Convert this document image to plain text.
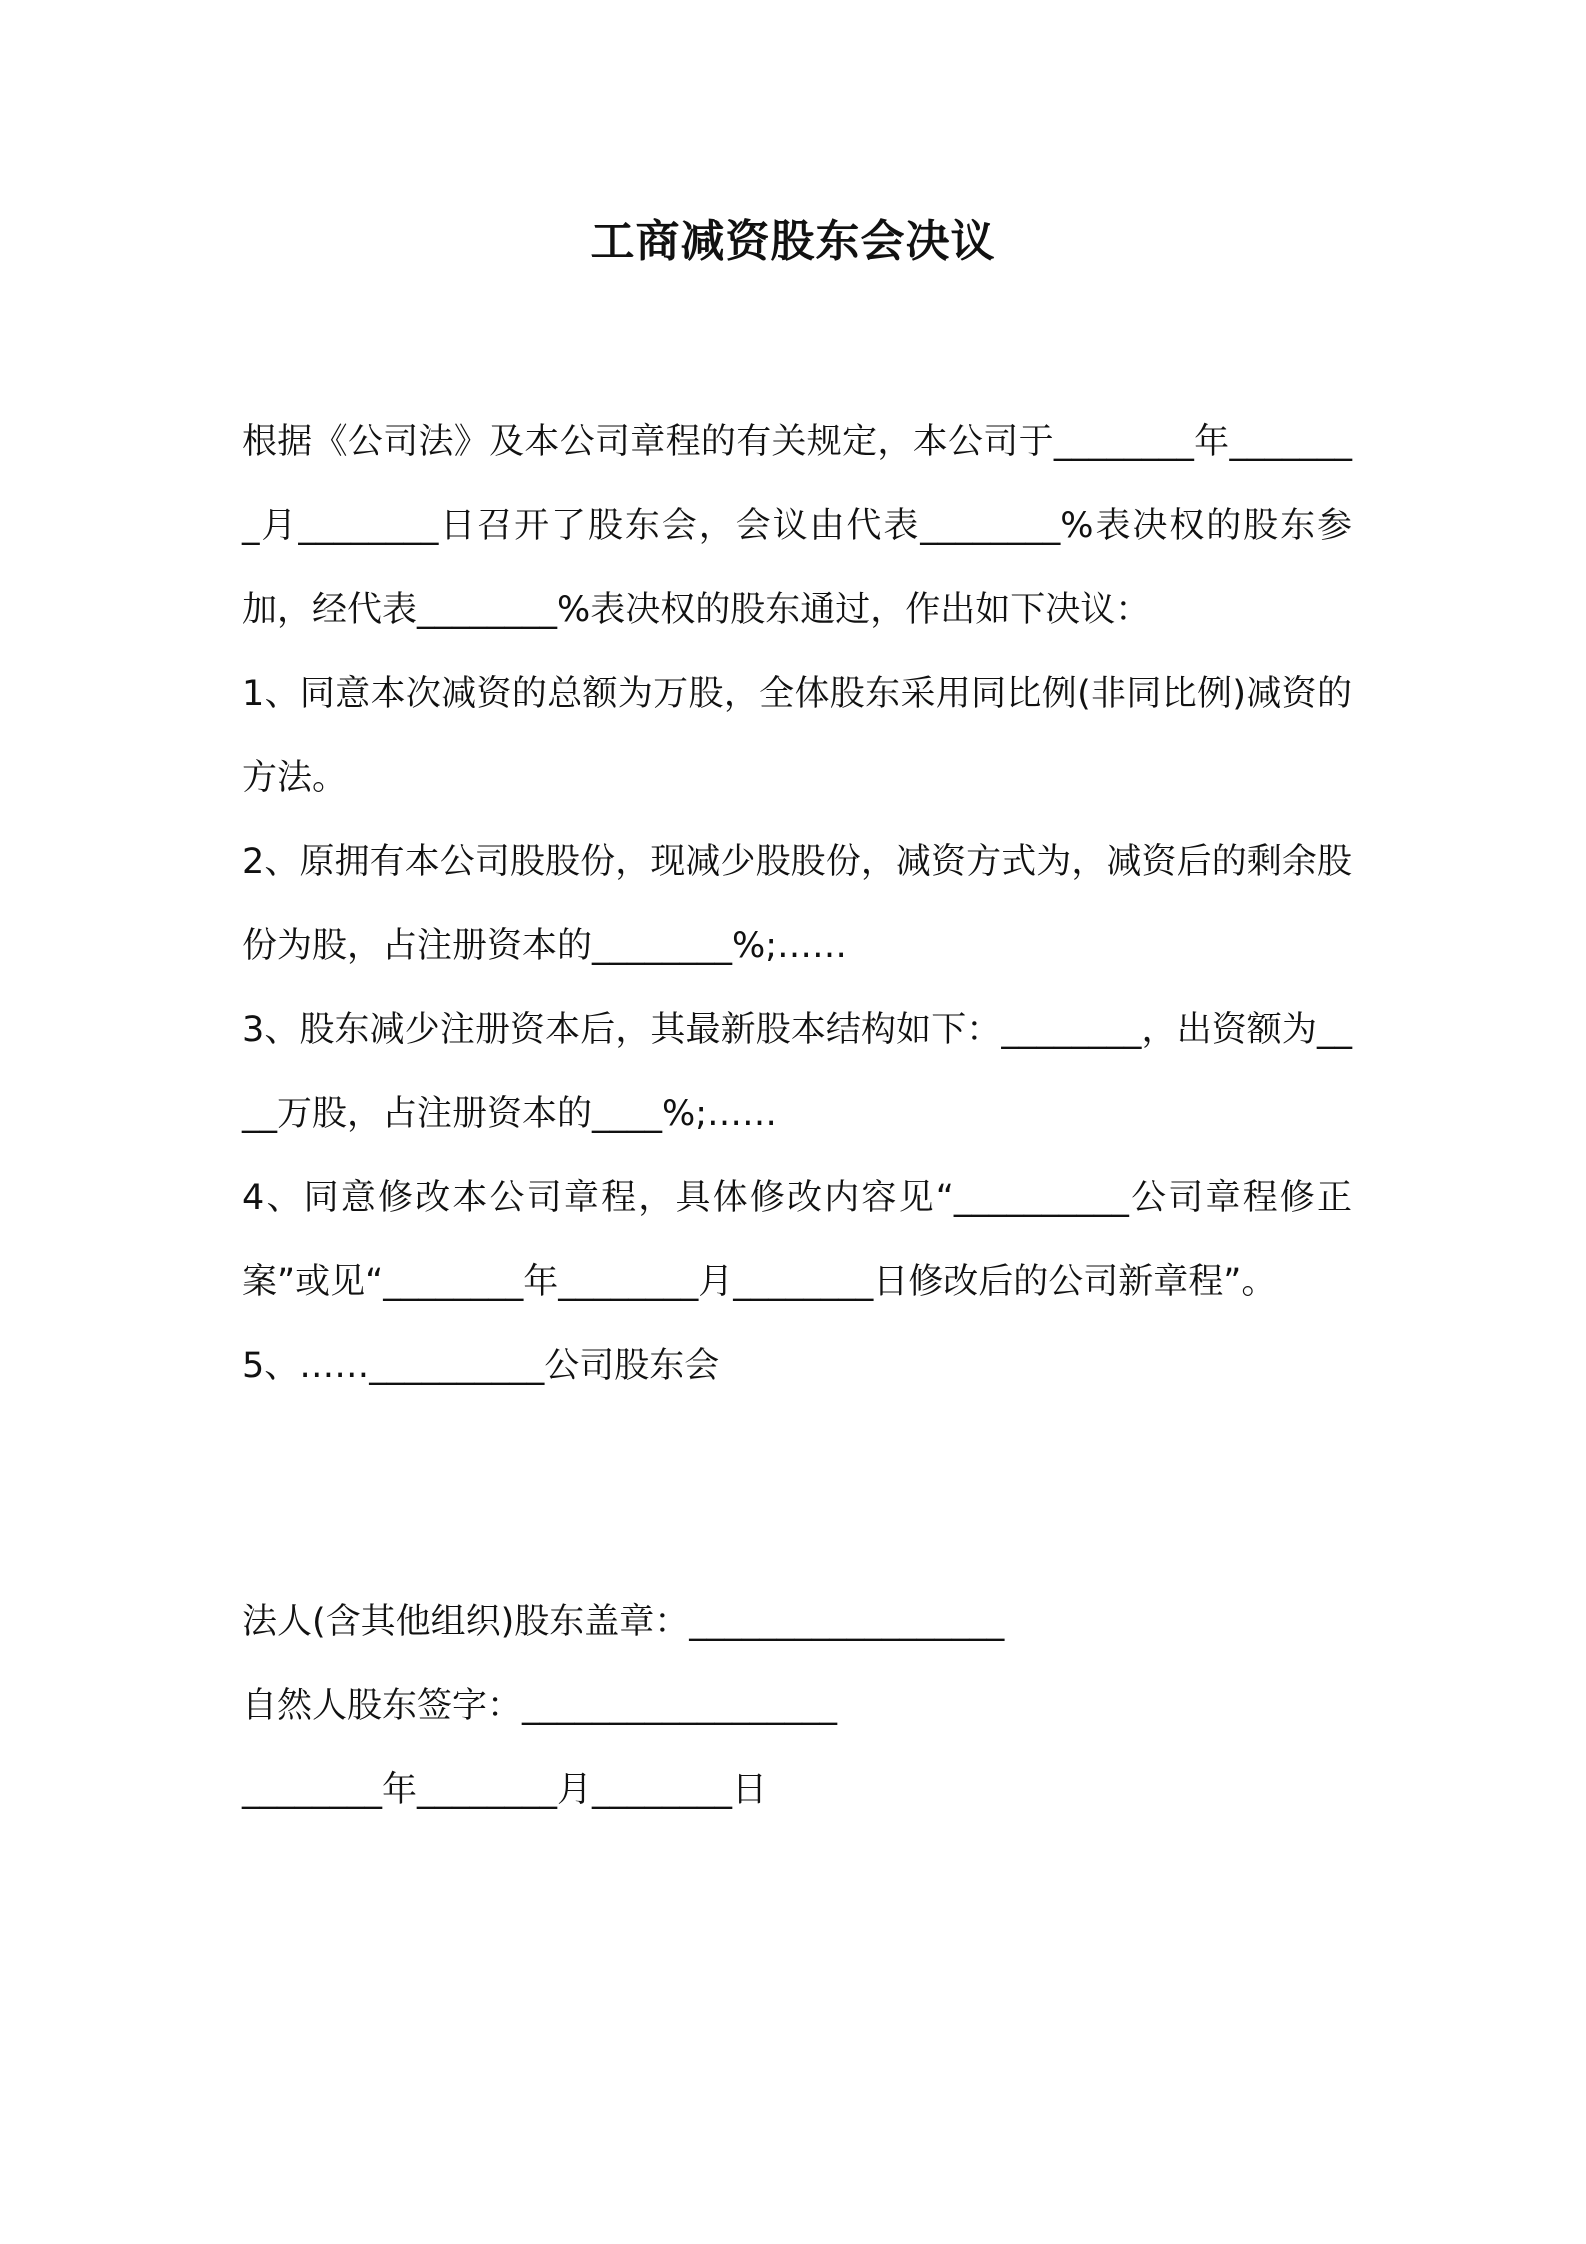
工商减资股东会决议

根据《公司法》及本公司章程的有关规定，本公司于________年________月________日召开了股东会，会议由代表________%表决权的股东参加，经代表________%表决权的股东通过，作出如下决议：

1、同意本次减资的总额为万股，全体股东采用同比例(非同比例)减资的方法。

2、原拥有本公司股股份，现减少股股份，减资方式为，减资后的剩余股份为股，占注册资本的________%;……

3、股东减少注册资本后，其最新股本结构如下：________，出资额为____万股，占注册资本的____%;……

4、同意修改本公司章程，具体修改内容见“__________公司章程修正案”或见“________年________月________日修改后的公司新章程”。

5、……__________公司股东会

法人(含其他组织)股东盖章：__________________
自然人股东签字：__________________
________年________月________日
